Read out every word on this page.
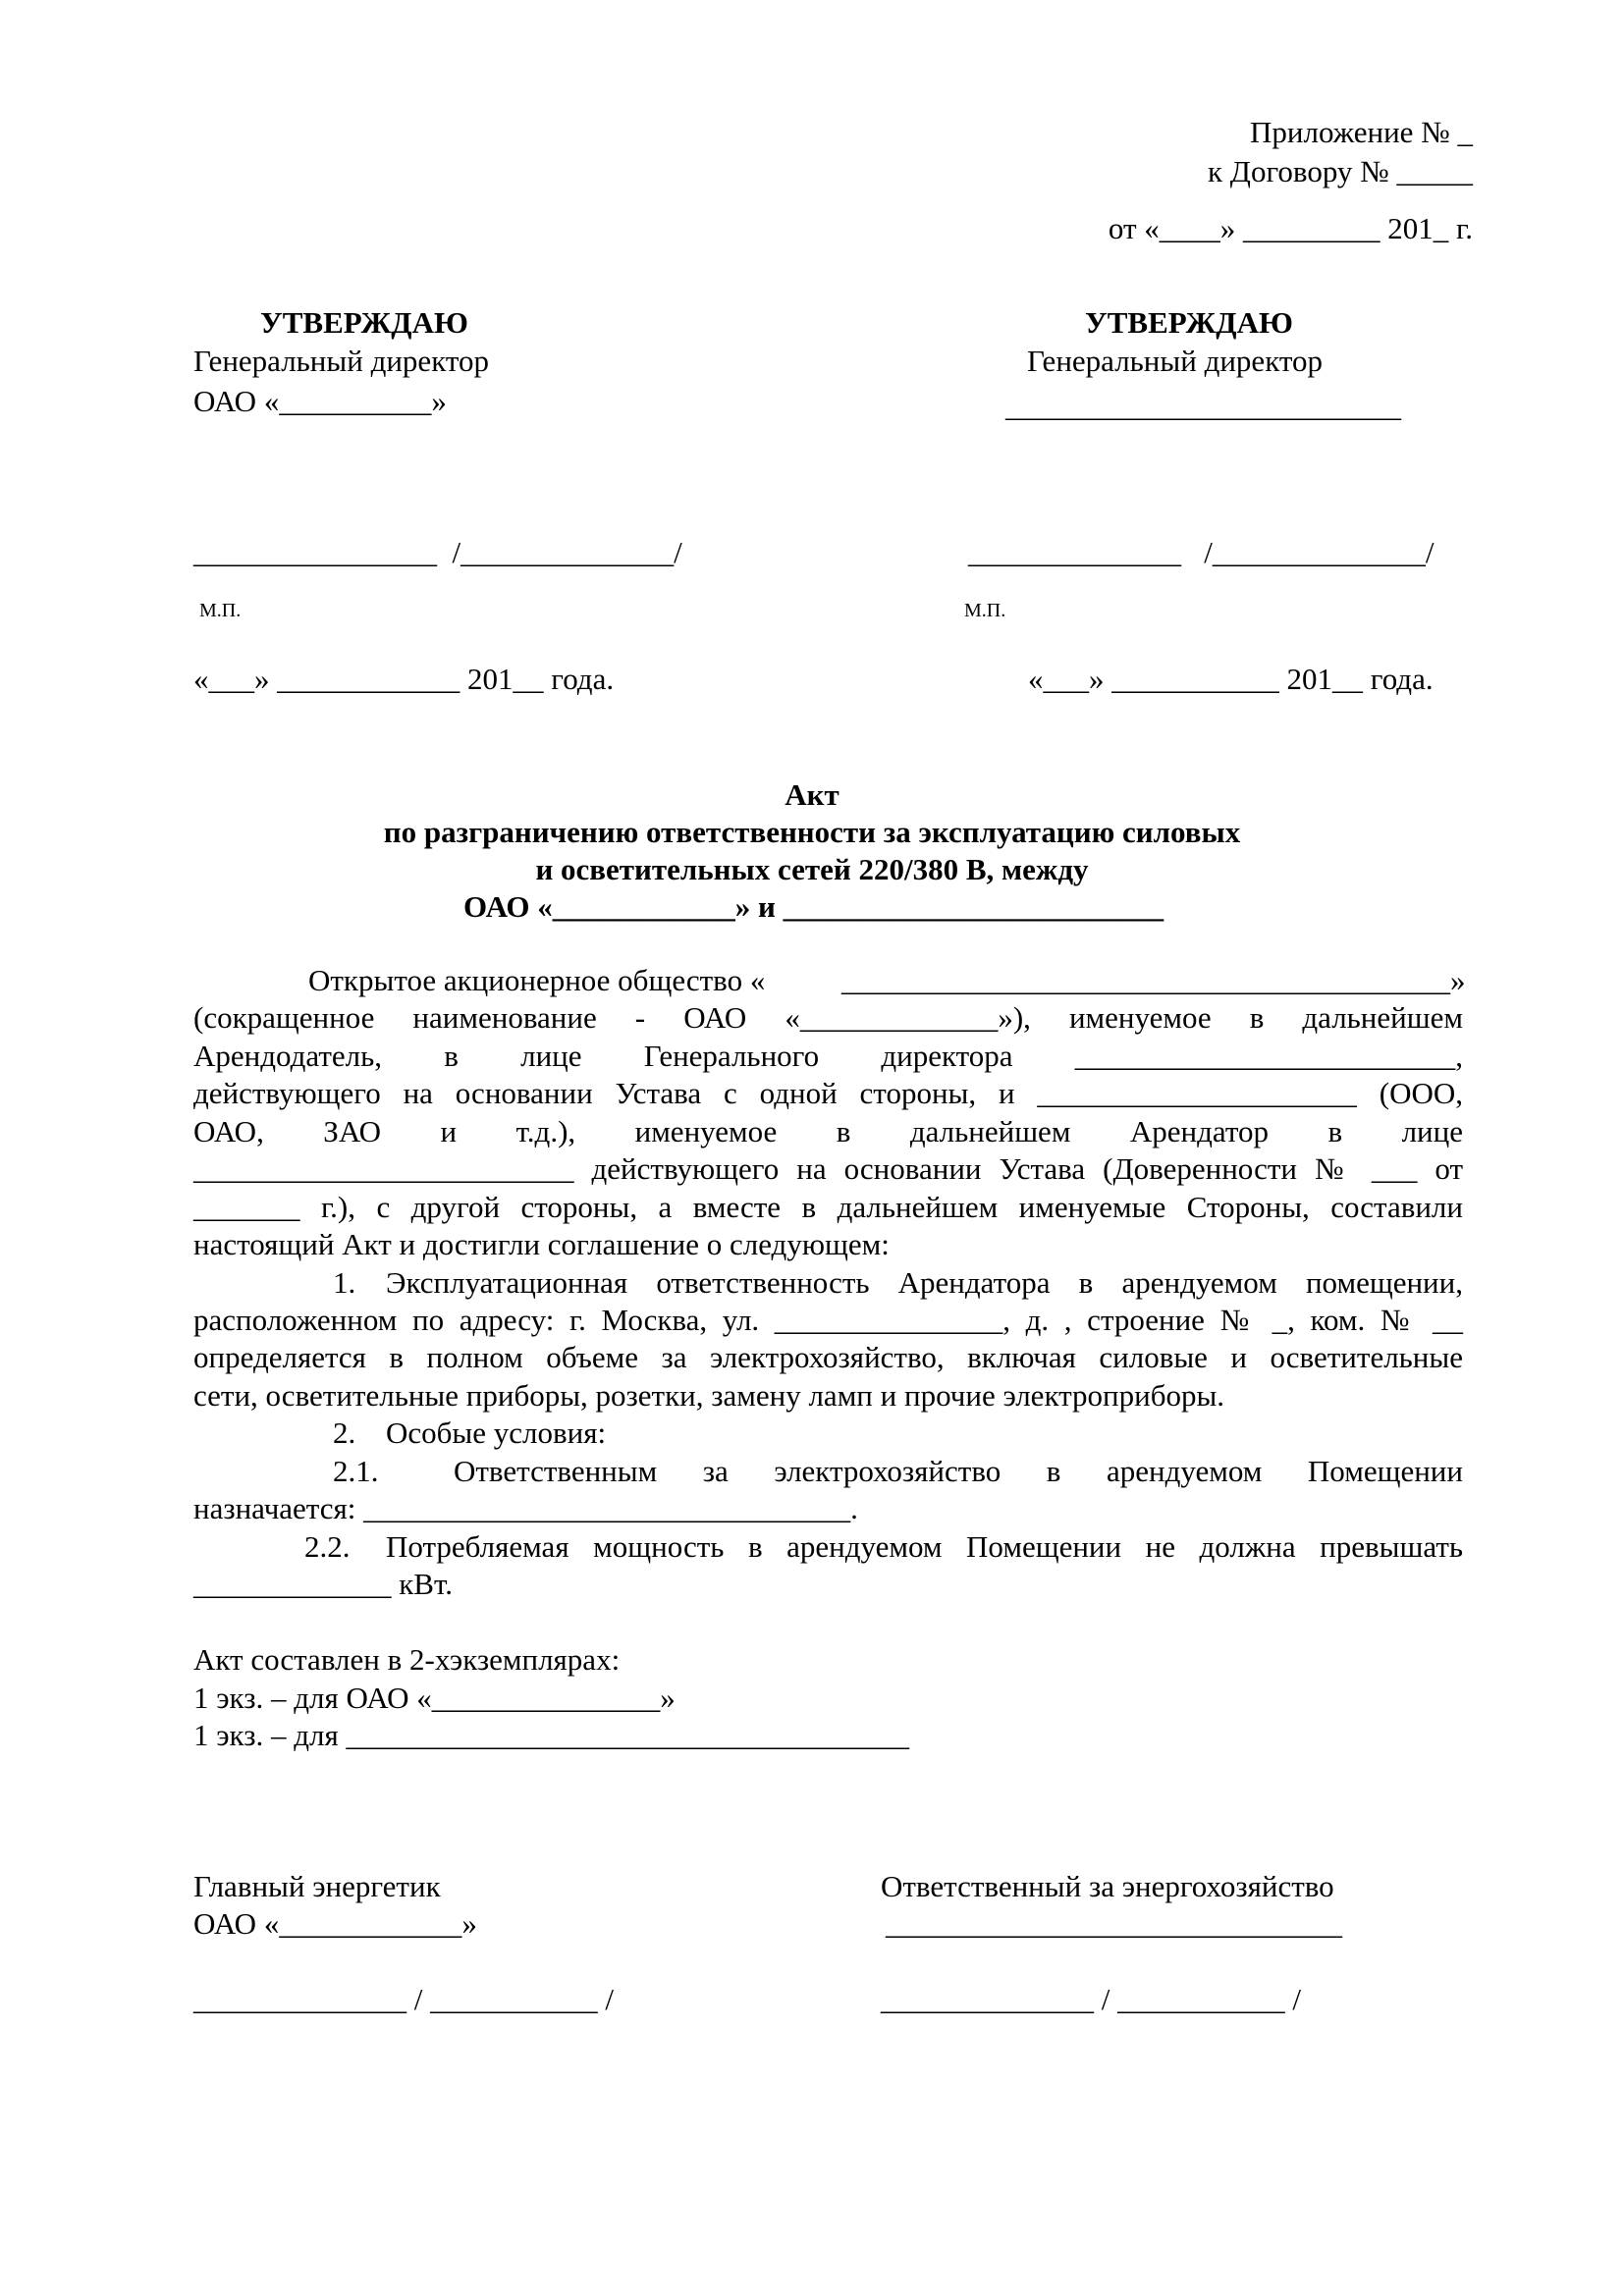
Приложение № _
к Договору № _____
от «____» _________ 201_ г.
УТВЕРЖДАЮ
Генеральный директор
ОАО «__________»
________________  /______________/
М.П.
«___» ____________ 201__ года.
УТВЕРЖДАЮ
Генеральный директор
__________________________
______________   /______________/
М.П.
«___» ___________ 201__ года.
Акт
по разграничению ответственности за эксплуатацию силовых
и осветительных сетей 220/380 В, между
ОАО «____________» и _________________________
Открытое акционерное общество «	________________________________________»
(сокращенное наименование - ОАО «_____________»), именуемое в дальнейшем
Арендодатель, в лице Генерального директора _________________________,
действующего на основании Устава с одной стороны, и _____________________ (ООО,
ОАО, ЗАО и т.д.), именуемое в дальнейшем Арендатор в лице
_________________________ действующего на основании Устава (Доверенности № ___ от
_______ г.), с другой стороны, а вместе в дальнейшем именуемые Стороны, составили
настоящий Акт и достигли соглашение о следующем:
1. Эксплуатационная ответственность Арендатора в арендуемом помещении,
расположенном по адресу: г. Москва, ул. _______________, д. , строение № _, ком. № __
определяется в полном объеме за электрохозяйство, включая силовые и осветительные
сети, осветительные приборы, розетки, замену ламп и прочие электроприборы.
2. Особые условия:
2.1. Ответственным за электрохозяйство в арендуемом Помещении
назначается: ________________________________.
2.2. Потребляемая мощность в арендуемом Помещении не должна превышать
_____________ кВт.
Акт составлен в 2-хэкземплярах:
1 экз. – для ОАО «_______________»
1 экз. – для _____________________________________
Главный энергетик
ОАО «____________»
______________ / ___________ /
Ответственный за энергохозяйство
______________________________
______________ / ___________ /
